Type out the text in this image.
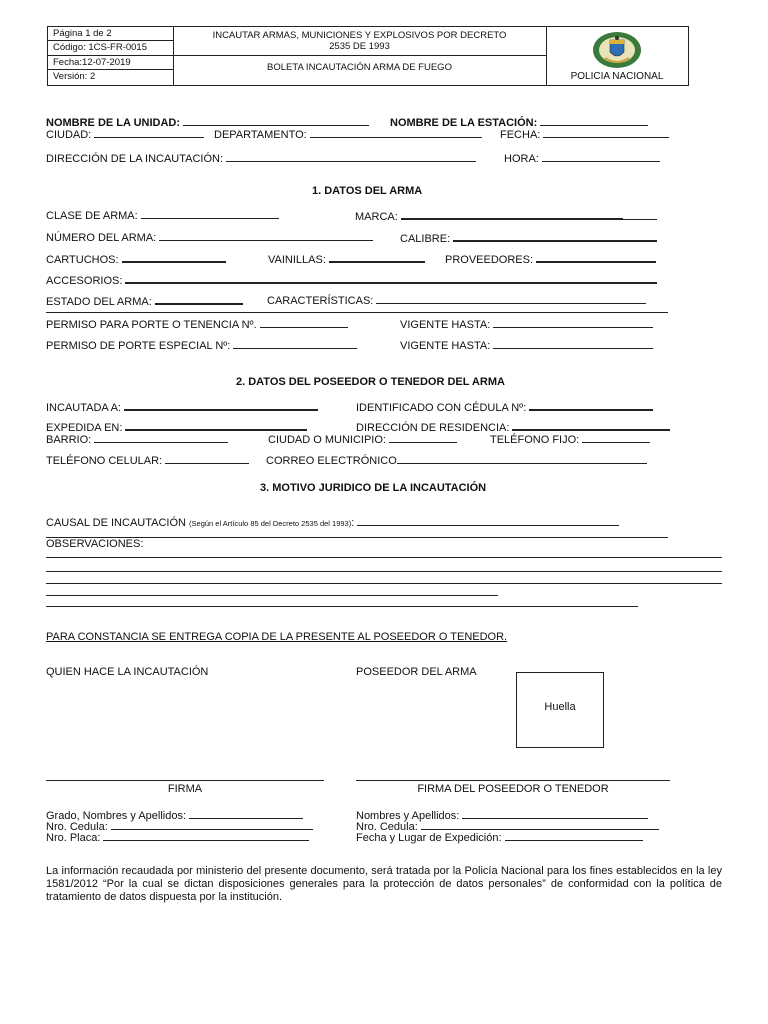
Página 1 de 2
Código: 1CS-FR-0015
Fecha:12-07-2019
Versión: 2
INCAUTAR ARMAS, MUNICIONES Y EXPLOSIVOS POR DECRETO
2535 DE 1993
BOLETA INCAUTACIÓN ARMA DE FUEGO
POLICIA NACIONAL
NOMBRE DE LA UNIDAD:	NOMBRE DE LA ESTACIÓN:
CIUDAD:	DEPARTAMENTO:	FECHA:
DIRECCIÓN DE LA INCAUTACIÓN:	HORA:
1. DATOS DEL ARMA
CLASE DE ARMA:	MARCA:
NÚMERO DEL ARMA:	CALIBRE:
CARTUCHOS:	VAINILLAS:	PROVEEDORES:
ACCESORIOS:
ESTADO DEL ARMA:	CARACTERÍSTICAS:
PERMISO PARA PORTE O TENENCIA Nº.	VIGENTE HASTA:
PERMISO DE PORTE ESPECIAL Nº:	VIGENTE HASTA:
2. DATOS DEL POSEEDOR O TENEDOR DEL ARMA
INCAUTADA A:	IDENTIFICADO CON CÉDULA Nº:
EXPEDIDA EN:	DIRECCIÓN DE RESIDENCIA:
BARRIO:	CIUDAD O MUNICIPIO:	TELÉFONO FIJO:
TELÉFONO CELULAR:	CORREO ELECTRÓNICO
3. MOTIVO JURIDICO DE LA INCAUTACIÓN
CAUSAL DE INCAUTACIÓN (Según el Artículo 85 del Decreto 2535 del 1993):
OBSERVACIONES:
PARA CONSTANCIA SE ENTREGA COPIA DE LA PRESENTE AL POSEEDOR O TENEDOR.
QUIEN HACE LA INCAUTACIÓN	POSEEDOR DEL ARMA
Huella
FIRMA	FIRMA DEL POSEEDOR O TENEDOR
Grado, Nombres y Apellidos:
Nro. Cedula:
Nro. Placa:
Nombres y Apellidos:
Nro. Cedula:
Fecha y Lugar de Expedición:
La información recaudada por ministerio del presente documento, será tratada por la Policía Nacional para los fines establecidos en la ley 1581/2012 “Por la cual se dictan disposiciones generales para la protección de datos personales” de conformidad con la política de tratamiento de datos dispuesta por la institución.
